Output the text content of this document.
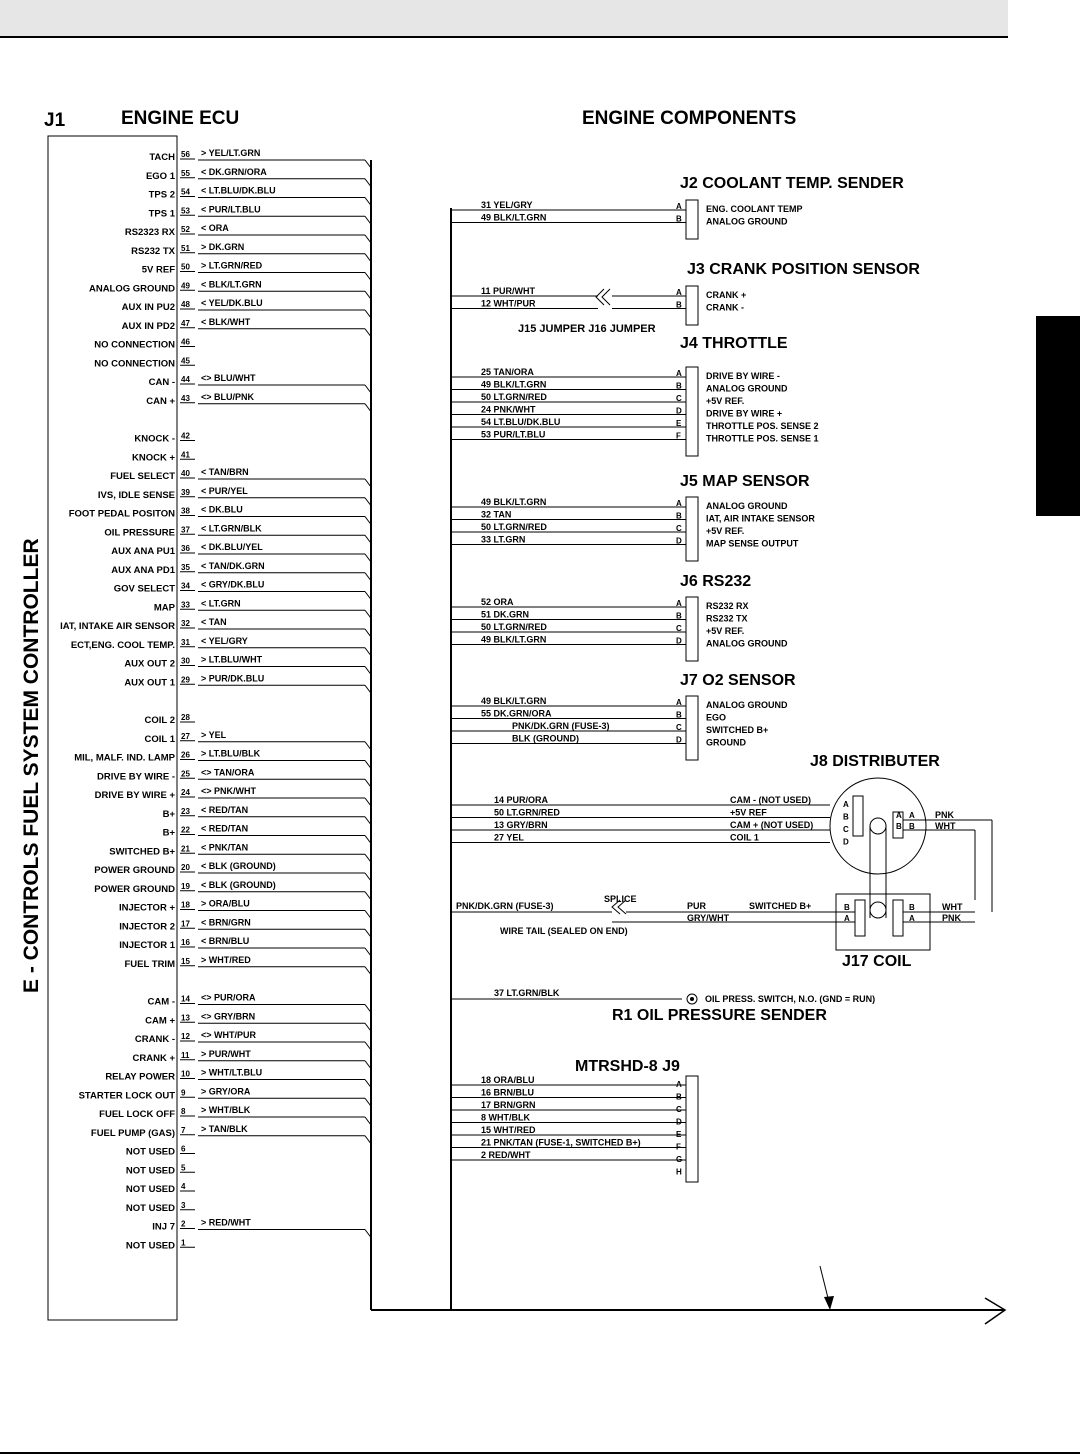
J1	ENGINE ECU	ENGINE COMPONENTS
E - CONTROLS FUEL SYSTEM CONTROLLER
TACH 56 > YEL/LT.GRN
EGO 1 55 < DK.GRN/ORA
TPS 2 54 < LT.BLU/DK.BLU
TPS 1 53 < PUR/LT.BLU
RS2323 RX 52 < ORA
RS232 TX 51 > DK.GRN
5V REF 50 > LT.GRN/RED
ANALOG GROUND 49 < BLK/LT.GRN
AUX IN PU2 48 < YEL/DK.BLU
AUX IN PD2 47 < BLK/WHT
NO CONNECTION 46
NO CONNECTION 45
CAN - 44 <> BLU/WHT
CAN + 43 <> BLU/PNK
KNOCK - 42
KNOCK + 41
FUEL SELECT 40 < TAN/BRN
IVS, IDLE SENSE 39 < PUR/YEL
FOOT PEDAL POSITON 38 < DK.BLU
OIL PRESSURE 37 < LT.GRN/BLK
AUX ANA PU1 36 < DK.BLU/YEL
AUX ANA PD1 35 < TAN/DK.GRN
GOV SELECT 34 < GRY/DK.BLU
MAP 33 < LT.GRN
IAT, INTAKE AIR SENSOR 32 < TAN
ECT,ENG. COOL TEMP. 31 < YEL/GRY
AUX OUT 2 30 > LT.BLU/WHT
AUX OUT 1 29 > PUR/DK.BLU
COIL 2 28
COIL 1 27 > YEL
MIL, MALF. IND. LAMP 26 > LT.BLU/BLK
DRIVE BY WIRE - 25 <> TAN/ORA
DRIVE BY WIRE + 24 <> PNK/WHT
B+ 23 < RED/TAN
B+ 22 < RED/TAN
SWITCHED B+ 21 < PNK/TAN
POWER GROUND 20 < BLK (GROUND)
POWER GROUND 19 < BLK (GROUND)
INJECTOR + 18 > ORA/BLU
INJECTOR 2 17 < BRN/GRN
INJECTOR 1 16 < BRN/BLU
FUEL TRIM 15 > WHT/RED
CAM - 14 <> PUR/ORA
CAM + 13 <> GRY/BRN
CRANK - 12 <> WHT/PUR
CRANK + 11 > PUR/WHT
RELAY POWER 10 > WHT/LT.BLU
STARTER LOCK OUT 9 > GRY/ORA
FUEL LOCK OFF 8 > WHT/BLK
FUEL PUMP (GAS) 7 > TAN/BLK
NOT USED 6
NOT USED 5
NOT USED 4
NOT USED 3
INJ 7 2 > RED/WHT
NOT USED 1
J2 COOLANT TEMP. SENDER
31 YEL/GRY	A	ENG. COOLANT TEMP
49 BLK/LT.GRN	B	ANALOG GROUND
J3 CRANK POSITION SENSOR
11 PUR/WHT	A	CRANK +
12 WHT/PUR	B	CRANK -
J4 THROTTLE
25 TAN/ORA	A	DRIVE BY WIRE -
49 BLK/LT.GRN	B	ANALOG GROUND
50 LT.GRN/RED	C	+5V REF.
24 PNK/WHT	D	DRIVE BY WIRE +
54 LT.BLU/DK.BLU	E	THROTTLE POS. SENSE 2
53 PUR/LT.BLU	F	THROTTLE POS. SENSE 1
J5 MAP SENSOR
49 BLK/LT.GRN	A	ANALOG GROUND
32 TAN	B	IAT, AIR INTAKE SENSOR
50 LT.GRN/RED	C	+5V REF.
33 LT.GRN	D	MAP SENSE OUTPUT
J6 RS232
52 ORA	A	RS232 RX
51 DK.GRN	B	RS232 TX
50 LT.GRN/RED	C	+5V REF.
49 BLK/LT.GRN	D	ANALOG GROUND
J7 O2 SENSOR
49 BLK/LT.GRN	A	ANALOG GROUND
55 DK.GRN/ORA	B	EGO
PNK/DK.GRN (FUSE-3)	C	SWITCHED B+
BLK (GROUND)	D	GROUND
J15 JUMPER J16 JUMPER
J8 DISTRIBUTER
14 PUR/ORA	CAM - (NOT USED)	A
50 LT.GRN/RED	+5V REF	B
13 GRY/BRN	CAM + (NOT USED)	C
27 YEL	COIL 1	D
A A PNK
B B WHT
PNK/DK.GRN (FUSE-3)
SPLICE
PUR
GRY/WHT
SWITCHED B+
WIRE TAIL (SEALED ON END)
B	B	WHT
A	A	PNK
J17 COIL
37 LT.GRN/BLK
OIL PRESS. SWITCH, N.O. (GND = RUN)
R1 OIL PRESSURE SENDER
MTRSHD-8 J9
18 ORA/BLU	A
16 BRN/BLU	B
17 BRN/GRN	C
8 WHT/BLK	D
15 WHT/RED	E
21 PNK/TAN (FUSE-1, SWITCHED B+)	F
2 RED/WHT	G
H
